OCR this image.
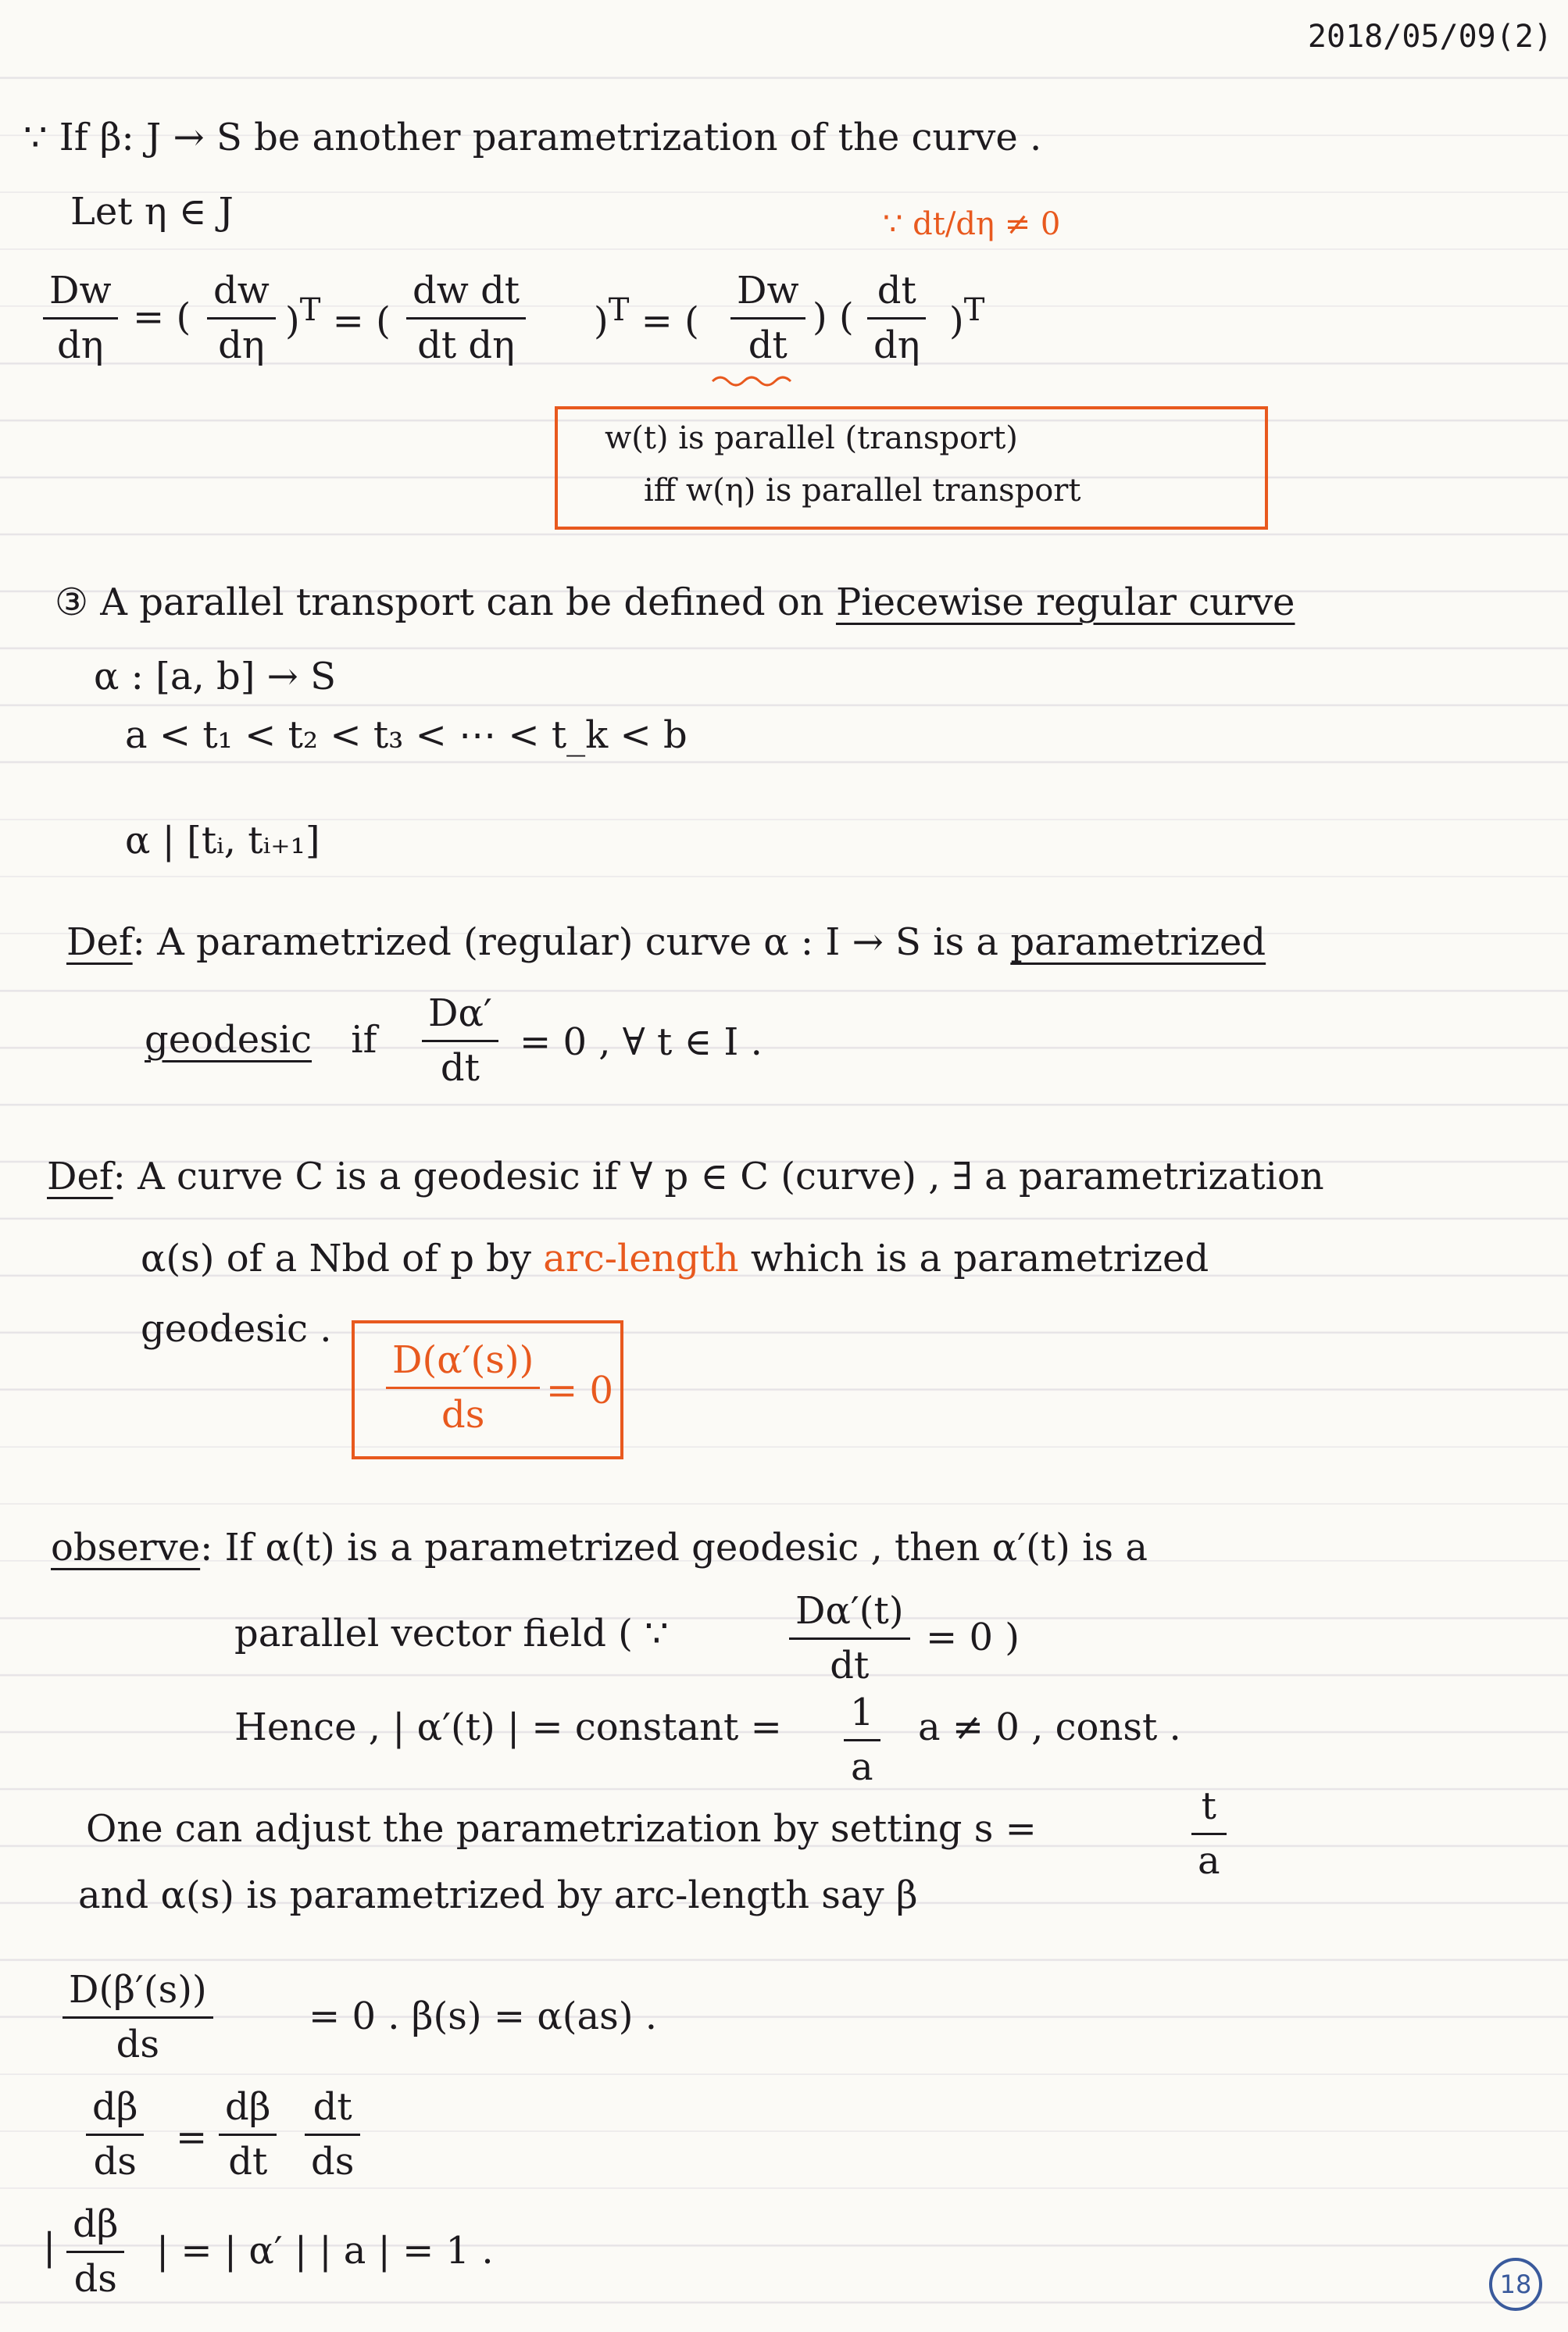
2018/05/09(2)
∵ If β: J → S be another parametrization of the curve .
Let η ∈ J	∵ dt/dη ≠ 0
$\frac{Dw}{d\eta}$ = ( $\frac{dw}{d\eta} )^T$ = ( $\frac{\text{dw dt}}{\text{dt dη}} )^T$ = ( $\frac{Dw}{dt}$ ) ( $\frac{dt}{d\eta} )^T$
w(t) is parallel (transport)
iff w(η) is parallel transport
③ A parallel transport can be defined on Piecewise regular curve
α : [a, b] → S
a < t₁ < t₂ < t₃ < ⋯ < t_k < b
α | [tᵢ, tᵢ₊₁]
Def: A parametrized (regular) curve α : I → S is a parametrized
geodesic if $\frac{D\alpha'}{dt} = 0$ , ∀ t ∈ I .
Def: A curve C is a geodesic if ∀ p ∈ C (curve) , ∃ a parametrization
α(s) of a Nbd of p by arc-length which is a parametrized
geodesic .
$\frac{D(\alpha'(s))}{ds} = 0$
observe: If α(t) is a parametrized geodesic , then α′(t) is a
parallel vector field ( ∵	$\frac{D\alpha'(t)}{dt} = 0$ )
Hence , | α′(t) | = constant = $\frac{1}{a}$ a ≠ 0 , const .
One can adjust the parametrization by setting s =	$\frac{t}{a}$
and α(s) is parametrized by arc-length say β
$\frac{D(\beta'(s))}{ds}$	= 0 . β(s) = α(as) .
$\frac{d\beta}{ds} = \frac{d\beta}{dt} \frac{dt}{ds}$
| $\frac{d\beta}{ds}$ | = | α′ | | a | = 1 .
18
